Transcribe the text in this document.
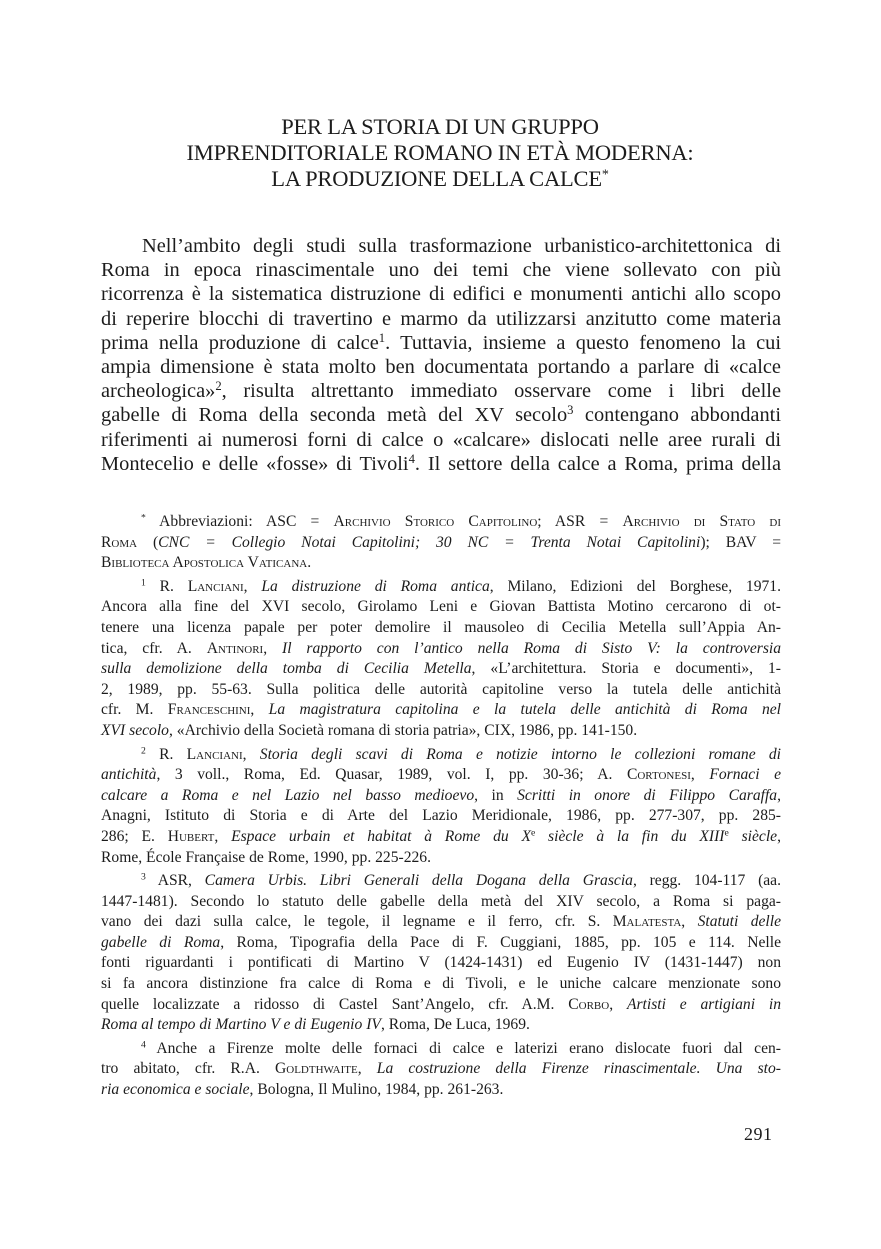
PER LA STORIA DI UN GRUPPO
IMPRENDITORIALE ROMANO IN ETÀ MODERNA:
LA PRODUZIONE DELLA CALCE*
Nell’ambito degli studi sulla trasformazione urbanistico-architettonica di
Roma in epoca rinascimentale uno dei temi che viene sollevato con più
ricorrenza è la sistematica distruzione di edifici e monumenti antichi allo scopo
di reperire blocchi di travertino e marmo da utilizzarsi anzitutto come materia
prima nella produzione di calce$^1$. Tuttavia, insieme a questo fenomeno la cui
ampia dimensione è stata molto ben documentata portando a parlare di «calce
archeologica»$^2$, risulta altrettanto immediato osservare come i libri delle
gabelle di Roma della seconda metà del XV secolo$^3$ contengano abbondanti
riferimenti ai numerosi forni di calce o «calcare» dislocati nelle aree rurali di
Montecelio e delle «fosse» di Tivoli$^4$. Il settore della calce a Roma, prima della
* Abbreviazioni: ASC = Archivio Storico Capitolino; ASR = Archivio di Stato di
Roma (CNC = Collegio Notai Capitolini; 30 NC = Trenta Notai Capitolini); BAV =
Biblioteca Apostolica Vaticana.
$^1$ R. Lanciani, La distruzione di Roma antica, Milano, Edizioni del Borghese, 1971.
Ancora alla fine del XVI secolo, Girolamo Leni e Giovan Battista Motino cercarono di ot-
tenere una licenza papale per poter demolire il mausoleo di Cecilia Metella sull’Appia An-
tica, cfr. A. Antinori, Il rapporto con l’antico nella Roma di Sisto V: la controversia
sulla demolizione della tomba di Cecilia Metella, «L’architettura. Storia e documenti», 1-
2, 1989, pp. 55-63. Sulla politica delle autorità capitoline verso la tutela delle antichità
cfr. M. Franceschini, La magistratura capitolina e la tutela delle antichità di Roma nel
XVI secolo, «Archivio della Società romana di storia patria», CIX, 1986, pp. 141-150.
$^2$ R. Lanciani, Storia degli scavi di Roma e notizie intorno le collezioni romane di
antichità, 3 voll., Roma, Ed. Quasar, 1989, vol. I, pp. 30-36; A. Cortonesi, Fornaci e
calcare a Roma e nel Lazio nel basso medioevo, in Scritti in onore di Filippo Caraffa,
Anagni, Istituto di Storia e di Arte del Lazio Meridionale, 1986, pp. 277-307, pp. 285-
286; E. Hubert, Espace urbain et habitat à Rome du Xe siècle à la fin du XIIIe siècle,
Rome, École Française de Rome, 1990, pp. 225-226.
$^3$ ASR, Camera Urbis. Libri Generali della Dogana della Grascia, regg. 104-117 (aa.
1447-1481). Secondo lo statuto delle gabelle della metà del XIV secolo, a Roma si paga-
vano dei dazi sulla calce, le tegole, il legname e il ferro, cfr. S. Malatesta, Statuti delle
gabelle di Roma, Roma, Tipografia della Pace di F. Cuggiani, 1885, pp. 105 e 114. Nelle
fonti riguardanti i pontificati di Martino V (1424-1431) ed Eugenio IV (1431-1447) non
si fa ancora distinzione fra calce di Roma e di Tivoli, e le uniche calcare menzionate sono
quelle localizzate a ridosso di Castel Sant’Angelo, cfr. A.M. Corbo, Artisti e artigiani in
Roma al tempo di Martino V e di Eugenio IV, Roma, De Luca, 1969.
$^4$ Anche a Firenze molte delle fornaci di calce e laterizi erano dislocate fuori dal cen-
tro abitato, cfr. R.A. Goldthwaite, La costruzione della Firenze rinascimentale. Una sto-
ria economica e sociale, Bologna, Il Mulino, 1984, pp. 261-263.
291
